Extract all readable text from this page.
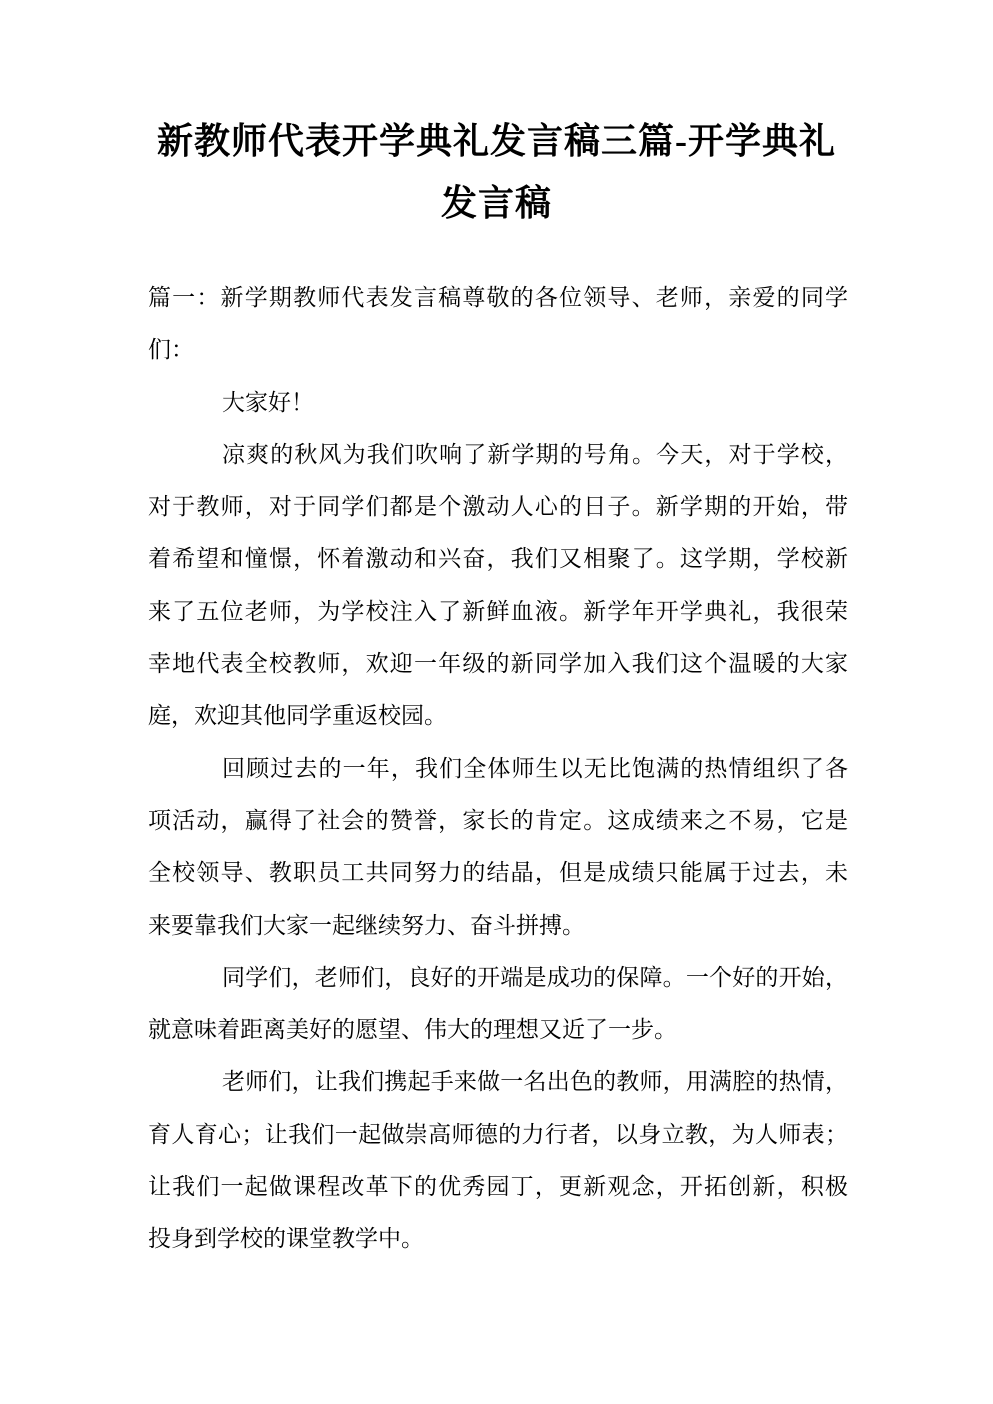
新教师代表开学典礼发言稿三篇-开学典礼
发言稿
篇一：新学期教师代表发言稿尊敬的各位领导、老师，亲爱的同学
们：
大家好！
凉爽的秋风为我们吹响了新学期的号角。今天，对于学校，
对于教师，对于同学们都是个激动人心的日子。新学期的开始，带
着希望和憧憬，怀着激动和兴奋，我们又相聚了。这学期，学校新
来了五位老师，为学校注入了新鲜血液。新学年开学典礼，我很荣
幸地代表全校教师，欢迎一年级的新同学加入我们这个温暖的大家
庭，欢迎其他同学重返校园。
回顾过去的一年，我们全体师生以无比饱满的热情组织了各
项活动，赢得了社会的赞誉，家长的肯定。这成绩来之不易，它是
全校领导、教职员工共同努力的结晶，但是成绩只能属于过去，未
来要靠我们大家一起继续努力、奋斗拼搏。
同学们，老师们，良好的开端是成功的保障。一个好的开始，
就意味着距离美好的愿望、伟大的理想又近了一步。
老师们，让我们携起手来做一名出色的教师，用满腔的热情，
育人育心；让我们一起做崇高师德的力行者，以身立教，为人师表；
让我们一起做课程改革下的优秀园丁，更新观念，开拓创新，积极
投身到学校的课堂教学中。
